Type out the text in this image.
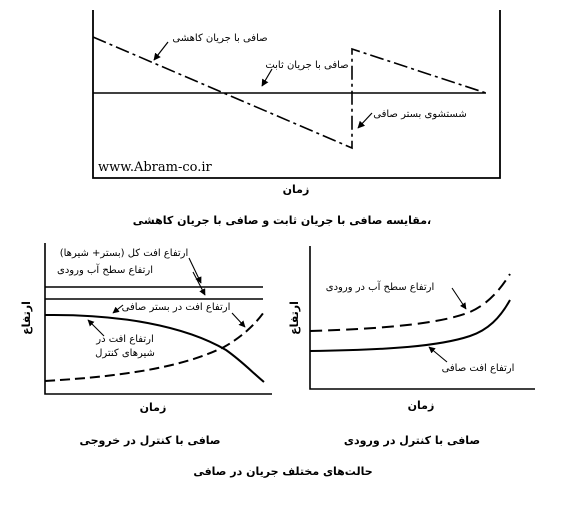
صافی با جریان کاهشی
صافی با جریان ثابت
شستشوی بستر صافی
www.Abram-co.ir
زمان
مقایسه صافی با جریان ثابت و صافی با جریان کاهشی،
ارتفاع افت کل (بستر+ شیرها)
ارتفاع سطح آب ورودی
ارتفاع افت در بستر صافی
ارتفاع افت در
شیرهای کنترل
ارتفاع
زمان
صافی با کنترل در خروجی
ارتفاع سطح آب در ورودی
ارتفاع افت صافی
ارتفاع
زمان
صافی با کنترل در ورودی
حالت‌های مختلف جریان در صافی
